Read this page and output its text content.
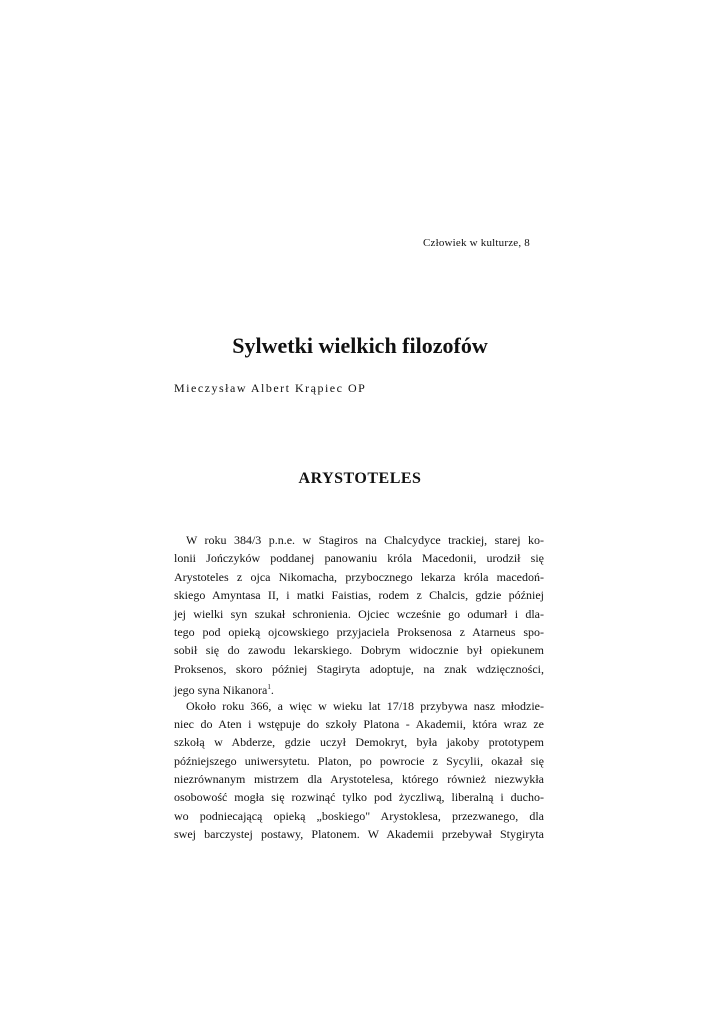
Człowiek w kulturze, 8
Sylwetki wielkich filozofów
Mieczysław Albert Krąpiec OP
ARYSTOTELES
W roku 384/3 p.n.e. w Stagiros na Chalcydyce trackiej, starej ko-
lonii Jończyków poddanej panowaniu króla Macedonii, urodził się
Arystoteles z ojca Nikomacha, przybocznego lekarza króla macedoń-
skiego Amyntasa II, i matki Faistias, rodem z Chalcis, gdzie później
jej wielki syn szukał schronienia. Ojciec wcześnie go odumarł i dla-
tego pod opieką ojcowskiego przyjaciela Proksenosa z Atarneus spo-
sobił się do zawodu lekarskiego. Dobrym widocznie był opiekunem
Proksenos, skoro później Stagiryta adoptuje, na znak wdzięczności,
jego syna Nikanora$^1$.
Około roku 366, a więc w wieku lat 17/18 przybywa nasz młodzie-
niec do Aten i wstępuje do szkoły Platona - Akademii, która wraz ze
szkołą w Abderze, gdzie uczył Demokryt, była jakoby prototypem
późniejszego uniwersytetu. Platon, po powrocie z Sycylii, okazał się
niezrównanym mistrzem dla Arystotelesa, którego również niezwykła
osobowość mogła się rozwinąć tylko pod życzliwą, liberalną i ducho-
wo podniecającą opieką „boskiego" Arystoklesa, przezwanego, dla
swej barczystej postawy, Platonem. W Akademii przebywał Stygiryta
